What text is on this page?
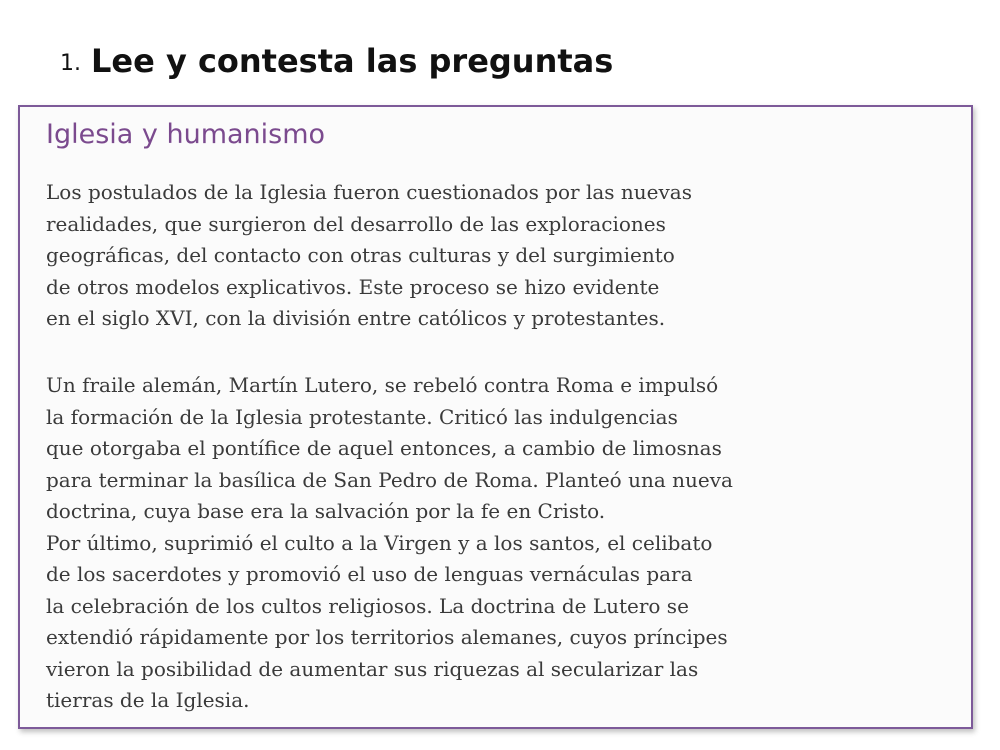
1. Lee y contesta las preguntas
Iglesia y humanismo
Los postulados de la Iglesia fueron cuestionados por las nuevas
realidades, que surgieron del desarrollo de las exploraciones
geográficas, del contacto con otras culturas y del surgimiento
de otros modelos explicativos. Este proceso se hizo evidente
en el siglo XVI, con la división entre católicos y protestantes.
Un fraile alemán, Martín Lutero, se rebeló contra Roma e impulsó
la formación de la Iglesia protestante. Criticó las indulgencias
que otorgaba el pontífice de aquel entonces, a cambio de limosnas
para terminar la basílica de San Pedro de Roma. Planteó una nueva
doctrina, cuya base era la salvación por la fe en Cristo.
Por último, suprimió el culto a la Virgen y a los santos, el celibato
de los sacerdotes y promovió el uso de lenguas vernáculas para
la celebración de los cultos religiosos. La doctrina de Lutero se
extendió rápidamente por los territorios alemanes, cuyos príncipes
vieron la posibilidad de aumentar sus riquezas al secularizar las
tierras de la Iglesia.
